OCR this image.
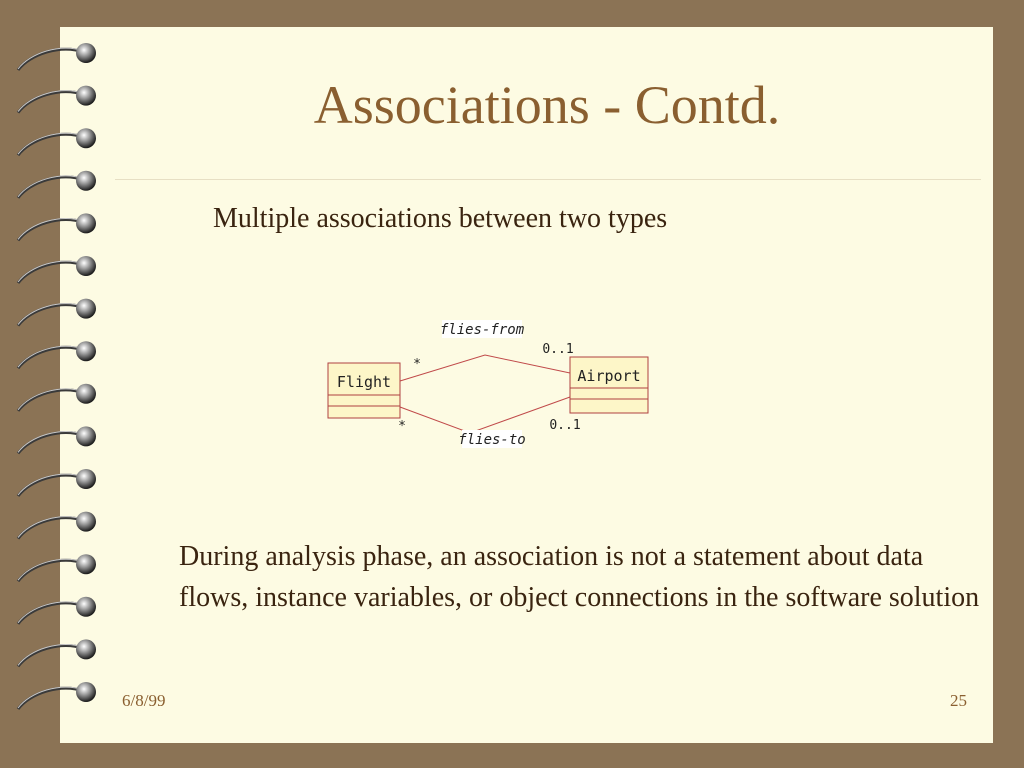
Associations - Contd.
Multiple associations between two types
Flight	Airport
flies-from
flies-to
*
*
0..1
0..1
During analysis phase, an association is not a statement about data flows, instance variables, or object connections in the software solution
6/8/99	25
